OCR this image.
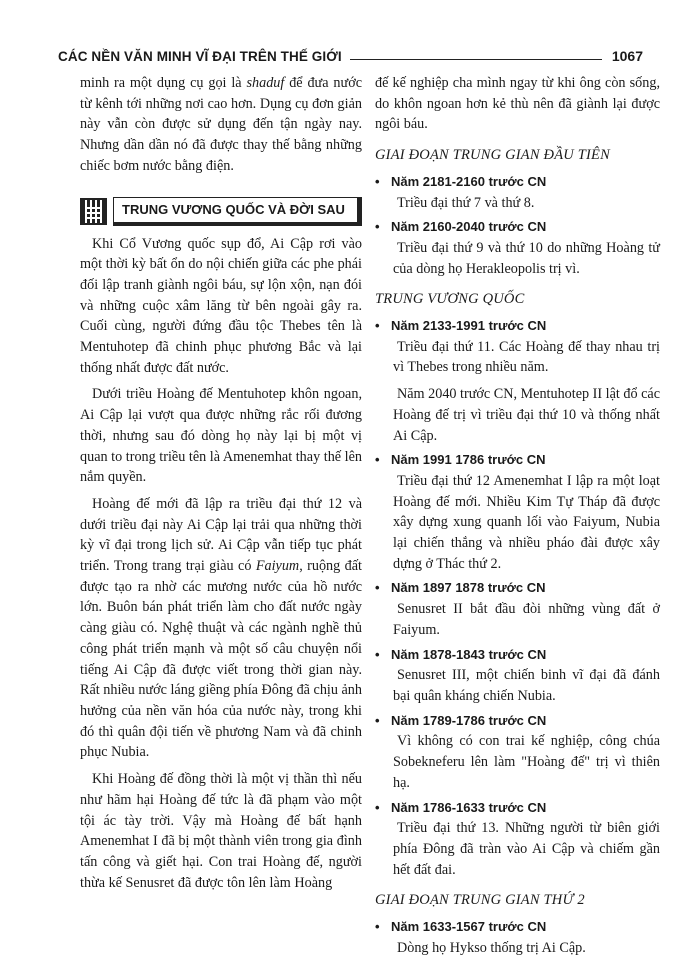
CÁC NỀN VĂN MINH VĨ ĐẠI TRÊN THẾ GIỚI	1067

minh ra một dụng cụ gọi là shaduf để đưa nước từ kênh tới những nơi cao hơn. Dụng cụ đơn giản này vẫn còn được sử dụng đến tận ngày nay. Nhưng dần dần nó đã được thay thế bằng những chiếc bơm nước bằng điện.

TRUNG VƯƠNG QUỐC VÀ ĐỜI SAU

Khi Cổ Vương quốc sụp đổ, Ai Cập rơi vào một thời kỳ bất ổn do nội chiến giữa các phe phái đối lập tranh giành ngôi báu, sự lộn xộn, nạn đói và những cuộc xâm lăng từ bên ngoài gây ra. Cuối cùng, người đứng đầu tộc Thebes tên là Mentuhotep đã chinh phục phương Bắc và lại thống nhất được đất nước.

Dưới triều Hoàng đế Mentuhotep khôn ngoan, Ai Cập lại vượt qua được những rắc rối đương thời, nhưng sau đó dòng họ này lại bị một vị quan to trong triều tên là Amenemhat thay thế lên nắm quyền.

Hoàng đế mới đã lập ra triều đại thứ 12 và dưới triều đại này Ai Cập lại trải qua những thời kỳ vĩ đại trong lịch sử. Ai Cập vẫn tiếp tục phát triển. Trong trang trại giàu có Faiyum, ruộng đất được tạo ra nhờ các mương nước của hồ nước lớn. Buôn bán phát triển làm cho đất nước ngày càng giàu có. Nghệ thuật và các ngành nghề thủ công phát triển mạnh và một số câu chuyện nổi tiếng Ai Cập đã được viết trong thời gian này. Rất nhiều nước láng giềng phía Đông đã chịu ảnh hưởng của nền văn hóa của nước này, trong khi đó thì quân đội tiến về phương Nam và đã chinh phục Nubia.

Khi Hoàng đế đồng thời là một vị thần thì nếu như hãm hại Hoàng đế tức là đã phạm vào một tội ác tày trời. Vậy mà Hoàng đế bất hạnh Amenemhat I đã bị một thành viên trong gia đình tấn công và giết hại. Con trai Hoàng đế, người thừa kế Senusret đã được tôn lên làm Hoàng

đế kế nghiệp cha mình ngay từ khi ông còn sống, do khôn ngoan hơn kẻ thù nên đã giành lại được ngôi báu.

GIAI ĐOẠN TRUNG GIAN ĐẦU TIÊN
• Năm 2181-2160 trước CN

Triều đại thứ 7 và thứ 8.

• Năm 2160-2040 trước CN

Triều đại thứ 9 và thứ 10 do những Hoàng tử của dòng họ Herakleopolis trị vì.

TRUNG VƯƠNG QUỐC
• Năm 2133-1991 trước CN

Triều đại thứ 11. Các Hoàng đế thay nhau trị vì Thebes trong nhiều năm.

Năm 2040 trước CN, Mentuhotep II lật đổ các Hoàng đế trị vì triều đại thứ 10 và thống nhất Ai Cập.

• Năm 1991 1786 trước CN

Triều đại thứ 12 Amenemhat I lập ra một loạt Hoàng đế mới. Nhiều Kim Tự Tháp đã được xây dựng xung quanh lối vào Faiyum, Nubia lại chiến thắng và nhiều pháo đài được xây dựng ở Thác thứ 2.

• Năm 1897 1878 trước CN

Senusret II bắt đầu đòi những vùng đất ở Faiyum.

• Năm 1878-1843 trước CN

Senusret III, một chiến binh vĩ đại đã đánh bại quân kháng chiến Nubia.

• Năm 1789-1786 trước CN

Vì không có con trai kế nghiệp, công chúa Sobekneferu lên làm "Hoàng đế" trị vì thiên hạ.

• Năm 1786-1633 trước CN

Triều đại thứ 13. Những người từ biên giới phía Đông đã tràn vào Ai Cập và chiếm gần hết đất đai.

GIAI ĐOẠN TRUNG GIAN THỨ 2
• Năm 1633-1567 trước CN

Dòng họ Hykso thống trị Ai Cập.
